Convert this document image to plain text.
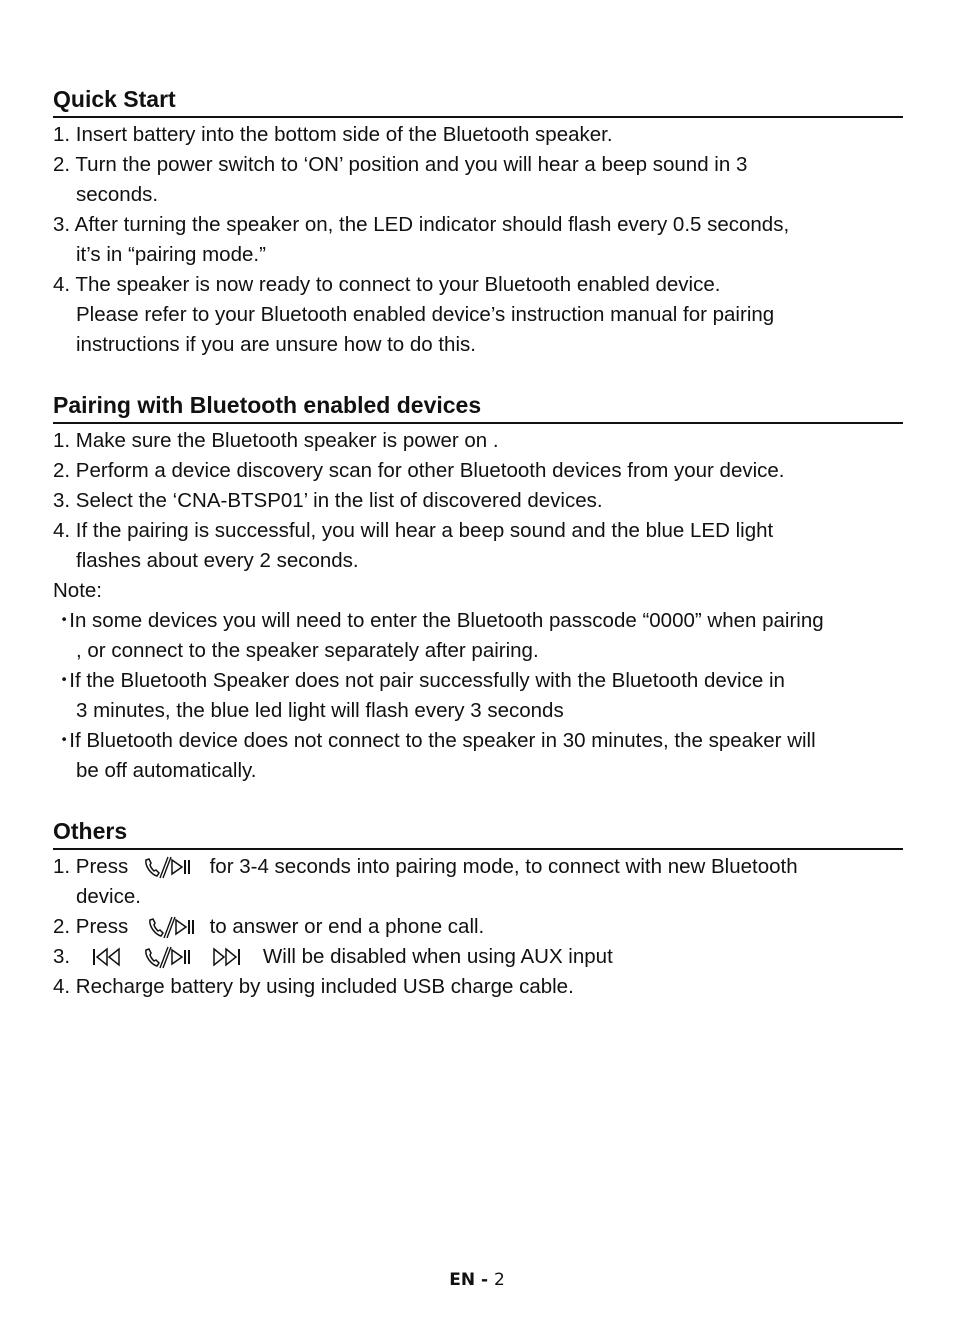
Quick Start
1. Insert battery into the bottom side of the Bluetooth speaker.
2. Turn the power switch to ‘ON’ position and you will hear a beep sound in 3
seconds.
3. After turning the speaker on, the LED indicator should flash every 0.5 seconds,
it’s in “pairing mode.”
4. The speaker is now ready to connect to your Bluetooth enabled device.
Please refer to your Bluetooth enabled device’s instruction manual for pairing
instructions if you are unsure how to do this.
Pairing with Bluetooth enabled devices
1. Make sure the Bluetooth speaker is power on .
2. Perform a device discovery scan for other Bluetooth devices from your device.
3. Select the ‘CNA-BTSP01’ in the list of discovered devices.
4. If the pairing is successful, you will hear a beep sound and the blue LED light
flashes about every 2 seconds.
Note:
･In some devices you will need to enter the Bluetooth passcode “0000” when pairing
, or connect to the speaker separately after pairing.
･If the Bluetooth Speaker does not pair successfully with the Bluetooth device in
3 minutes, the blue led light will flash every 3 seconds
･If Bluetooth device does not connect to the speaker in 30 minutes, the speaker will
be off automatically.
Others
1. Press	for 3-4 seconds into pairing mode, to connect with new Bluetooth
device.
2. Press	to answer or end a phone call.
3.

	Will be disabled when using AUX input
4. Recharge battery by using included USB charge cable.
EN - 2
